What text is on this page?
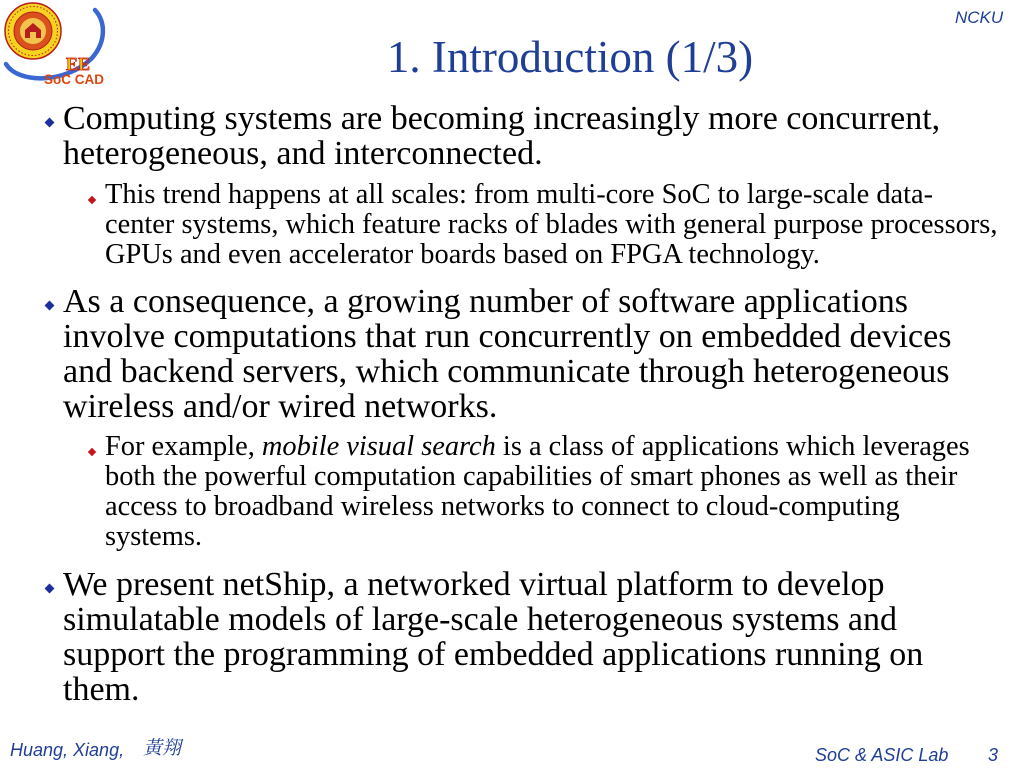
EE
SoC CAD
NCKU
1. Introduction (1/3)
Computing systems are becoming increasingly more concurrent,
heterogeneous, and interconnected.
This trend happens at all scales: from multi-core SoC to large-scale data-
center systems, which feature racks of blades with general purpose processors,
GPUs and even accelerator boards based on FPGA technology.
As a consequence, a growing number of software applications
involve computations that run concurrently on embedded devices
and backend servers, which communicate through heterogeneous
wireless and/or wired networks.
For example, mobile visual search is a class of applications which leverages
both the powerful computation capabilities of smart phones as well as their
access to broadband wireless networks to connect to cloud-computing
systems.
We present netShip, a networked virtual platform to develop
simulatable models of large-scale heterogeneous systems and
support the programming of embedded applications running on
them.
Huang, Xiang, 黃翔	SoC & ASIC Lab 3
